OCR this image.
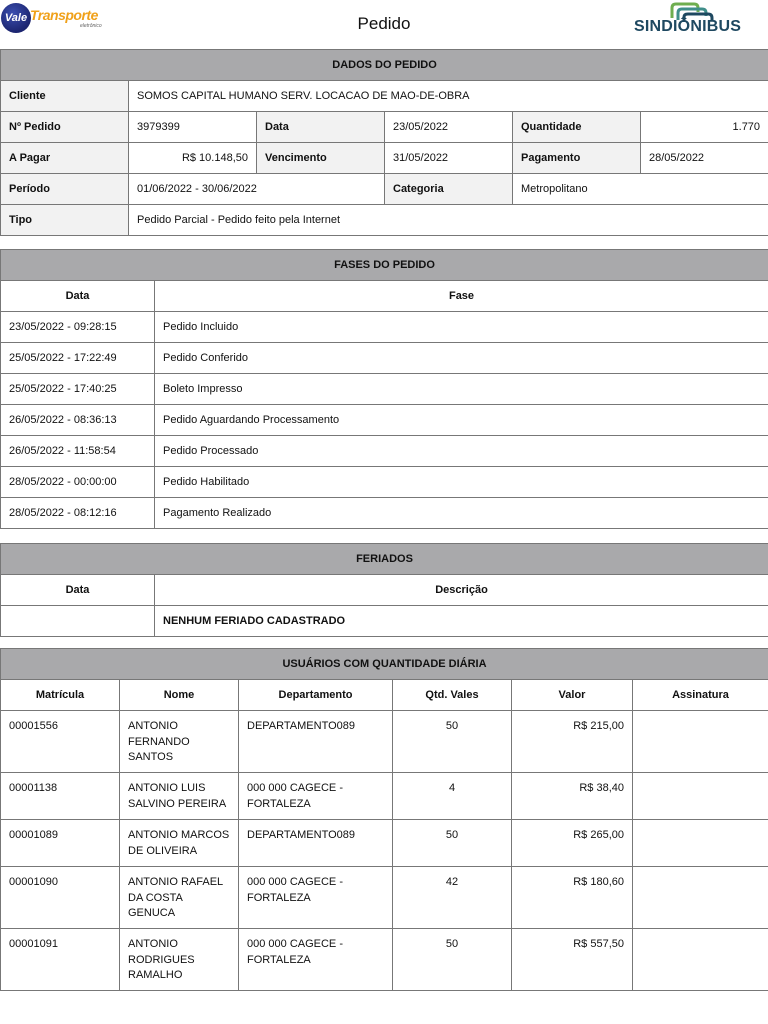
Vale Transporte
eletrônico	Pedido	SINDIÔNIBUS
DADOS DO PEDIDO					
Cliente	SOMOS CAPITAL HUMANO SERV. LOCACAO DE MAO-DE-OBRA				
Nº Pedido	3979399	Data	23/05/2022	Quantidade	1.770
A Pagar	R$ 10.148,50	Vencimento	31/05/2022	Pagamento	28/05/2022
Período	01/06/2022 - 30/06/2022		Categoria	Metropolitano	
Tipo	Pedido Parcial - Pedido feito pela Internet				
FASES DO PEDIDO	
Data	Fase
23/05/2022 - 09:28:15	Pedido Incluido
25/05/2022 - 17:22:49	Pedido Conferido
25/05/2022 - 17:40:25	Boleto Impresso
26/05/2022 - 08:36:13	Pedido Aguardando Processamento
26/05/2022 - 11:58:54	Pedido Processado
28/05/2022 - 00:00:00	Pedido Habilitado
28/05/2022 - 08:12:16	Pagamento Realizado
FERIADOS	
Data	Descrição
	NENHUM FERIADO CADASTRADO
USUÁRIOS COM QUANTIDADE DIÁRIA					
Matrícula	Nome	Departamento	Qtd. Vales	Valor	Assinatura
00001556	ANTONIO FERNANDO SANTOS	DEPARTAMENTO089	50	R$ 215,00	
00001138	ANTONIO LUIS SALVINO PEREIRA	000 000 CAGECE - FORTALEZA	4	R$ 38,40	
00001089	ANTONIO MARCOS DE OLIVEIRA	DEPARTAMENTO089	50	R$ 265,00	
00001090	ANTONIO RAFAEL DA COSTA GENUCA	000 000 CAGECE - FORTALEZA	42	R$ 180,60	
00001091	ANTONIO RODRIGUES RAMALHO	000 000 CAGECE - FORTALEZA	50	R$ 557,50	
